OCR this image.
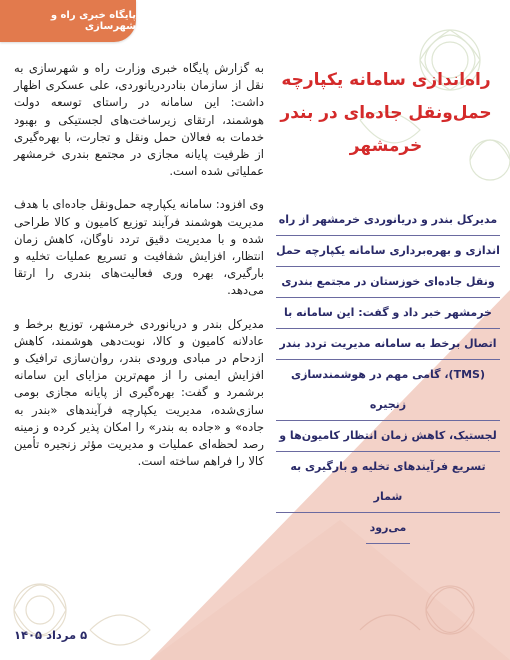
پایگاه خبری راه و شهرسازی
راه‌اندازی سامانه یکپارچه حمل‌ونقل جاده‌ای در بندر خرمشهر
مدیرکل بندر و دریانوردی خرمشهر از راه
اندازی و بهره‌برداری سامانه یکپارچه حمل
ونقل جاده‌ای خوزستان در مجتمع بندری
خرمشهر خبر داد و گفت: این سامانه با
اتصال برخط به سامانه مدیریت تردد بندر
(TMS)، گامی مهم در هوشمندسازی زنجیره
لجستیک، کاهش زمان انتظار کامیون‌ها و
تسریع فرآیندهای تخلیه و بارگیری به شمار
می‌رود

به گزارش پایگاه خبری وزارت راه و شهرسازی به نقل از سازمان بنادردریانوردی، علی عسکری اظهار داشت: این سامانه در راستای توسعه دولت هوشمند، ارتقای زیرساخت‌های لجستیکی و بهبود خدمات به فعالان حمل ونقل و تجارت، با بهره‌گیری از ظرفیت پایانه مجازی در مجتمع بندری خرمشهر عملیاتی شده است.

وی افزود: سامانه یکپارچه حمل‌ونقل جاده‌ای با هدف مدیریت هوشمند فرآیند توزیع کامیون و کالا طراحی شده و با مدیریت دقیق تردد ناوگان، کاهش زمان انتظار، افزایش شفافیت و تسریع عملیات تخلیه و بارگیری، بهره وری فعالیت‌های بندری را ارتقا می‌دهد.

مدیرکل بندر و دریانوردی خرمشهر، توزیع برخط و عادلانه کامیون و کالا، نوبت‌دهی هوشمند، کاهش ازدحام در مبادی ورودی بندر، روان‌سازی ترافیک و افزایش ایمنی را از مهم‌ترین مزایای این سامانه برشمرد و گفت: بهره‌گیری از پایانه مجازی بومی سازی‌شده، مدیریت یکپارچه فرآیندهای «بندر به جاده» و «جاده به بندر» را امکان پذیر کرده و زمینه رصد لحظه‌ای عملیات و مدیریت مؤثر زنجیره تأمین کالا را فراهم ساخته است.

۵ مرداد ۱۴۰۵
